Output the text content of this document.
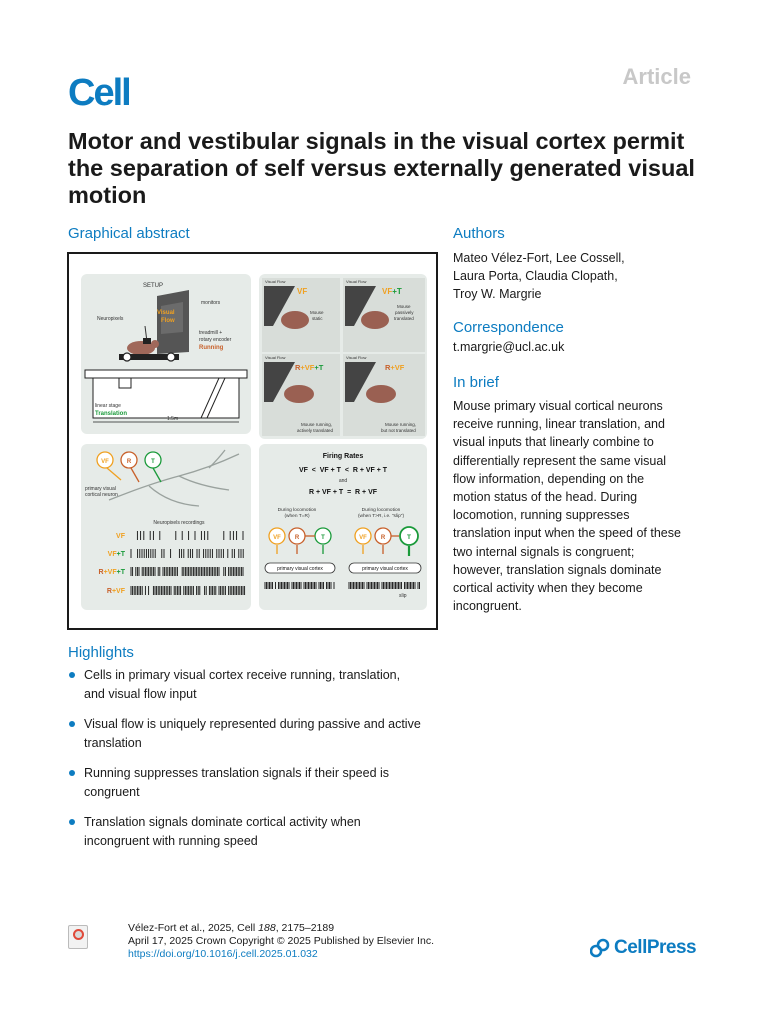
Cell	Article
Motor and vestibular signals in the visual cortex permit the separation of self versus externally generated visual motion
Graphical abstract
SETUP
monitors
Neuropixels
Visual
Flow
treadmill +
rotary encoder
Running
linear stage
Translation
1.5m
Visual Flow
VF
Mouse
static
Visual Flow
VF+T
Mouse
passively
translated
Visual Flow
R+VF+T
Mouse running,
actively translated
Visual Flow
R+VF
Mouse running,
but not translated
VF	R	T
primary visual
cortical neuron
Neuropixels recordings
VF
VF+T
R+VF+T
R+VF
Firing Rates
VF  <  VF + T  <  R + VF + T
and
R + VF + T  =  R + VF
During locomotion
(when T=R)
During locomotion
(when T>R, i.e. "slip")
VF R	T	VF R	T
primary visual cortex	primary visual cortex
slip
Authors
Mateo Vélez-Fort, Lee Cossell,
Laura Porta, Claudia Clopath,
Troy W. Margrie
Correspondence
t.margrie@ucl.ac.uk
In brief
Mouse primary visual cortical neurons
receive running, linear translation, and
visual inputs that linearly combine to
differentially represent the same visual
flow information, depending on the
motion status of the head. During
locomotion, running suppresses
translation input when the speed of these
two internal signals is congruent;
however, translation signals dominate
cortical activity when they become
incongruent.
Highlights
Cells in primary visual cortex receive running, translation,
and visual flow input
Visual flow is uniquely represented during passive and active
translation
Running suppresses translation signals if their speed is
congruent
Translation signals dominate cortical activity when
incongruent with running speed
Vélez-Fort et al., 2025, Cell 188, 2175–2189
April 17, 2025 Crown Copyright © 2025 Published by Elsevier Inc.
https://doi.org/10.1016/j.cell.2025.01.032	CellPress
